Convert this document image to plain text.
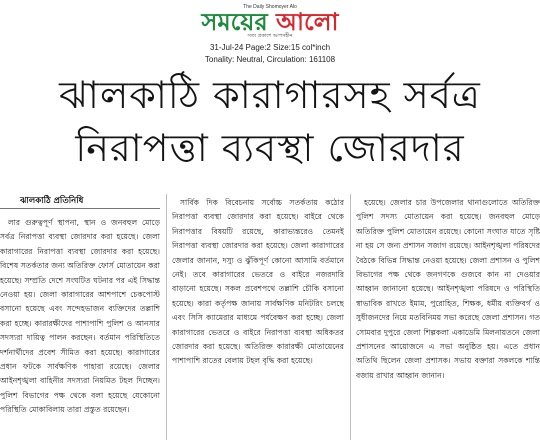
The Daily Shomoyer Alo
সময়ের আলো
সত্য প্রকাশে আপসহীন
31-Jul-24 Page:2 Size:15 col*inch
Tonality: Neutral, Circulation: 161108
ঝালকাঠি কারাগারসহ সর্বত্র
নিরাপত্তা ব্যবস্থা জোরদার
ঝালকাঠি প্রতিনিধি

লার গুরুত্বপূর্ণ স্থাপনা, স্থান ও জনবহুল মোড়ে সর্বত্র নিরাপত্তা ব্যবস্থা জোরদার করা হয়েছে। জেলা কারাগারের নিরাপত্তা ব্যবস্থা জোরদার করা হয়েছে। বিশেষ সতর্কতার জন্য অতিরিক্ত ফোর্স মোতায়েন করা হয়েছে। সম্প্রতি দেশে সংঘটিত ঘটনার পর এই সিদ্ধান্ত নেওয়া হয়। জেলা কারাগারের আশপাশে চেকপোস্ট বসানো হয়েছে এবং সন্দেহভাজন ব্যক্তিদের তল্লাশি করা হচ্ছে। কারারক্ষীদের পাশাপাশি পুলিশ ও আনসার সদস্যরা দায়িত্ব পালন করছেন। বর্তমান পরিস্থিতিতে দর্শনার্থীদের প্রবেশ সীমিত করা হয়েছে। কারাগারের প্রধান ফটকে সার্বক্ষণিক পাহারা রয়েছে। জেলার আইনশৃঙ্খলা বাহিনীর সদস্যরা নিয়মিত টহল দিচ্ছেন। পুলিশ বিভাগের পক্ষ থেকে বলা হয়েছে যেকোনো পরিস্থিতি মোকাবিলায় তারা প্রস্তুত রয়েছেন।

সার্বিক দিক বিবেচনায় সর্বোচ্চ সতর্কতায় কঠোর নিরাপত্তা ব্যবস্থা জোরদার করা হয়েছে। বাইরে থেকে নিরাপত্তার বিষয়টি রয়েছে, কারাভ্যন্তরেও তেমনই নিরাপত্তা ব্যবস্থা জোরদার করা হয়েছে। জেলা কারাগারের জেলার জানান, দস্যু ও ঝুঁকিপূর্ণ কোনো আসামি বর্তমানে নেই। তবে কারাগারের ভেতরে ও বাইরে নজরদারি বাড়ানো হয়েছে। সকল প্রবেশপথে তল্লাশি চৌকি বসানো হয়েছে। কারা কর্তৃপক্ষ জানায় সার্বক্ষণিক মনিটরিং চলছে এবং সিসি ক্যামেরার মাধ্যমে পর্যবেক্ষণ করা হচ্ছে। জেলা কারাগারের ভেতরে ও বাইরে নিরাপত্তা ব্যবস্থা অধিকতর জোরদার করা হয়েছে। অতিরিক্ত কারারক্ষী মোতায়েনের পাশাপাশি রাতের বেলায় টহল বৃদ্ধি করা হয়েছে।

হয়েছে। জেলার চার উপজেলার থানাগুলোতে অতিরিক্ত পুলিশ সদস্য মোতায়েন করা হয়েছে। জনবহুল মোড়ে অতিরিক্ত পুলিশ মোতায়েন রয়েছে। কোনো সংঘাত যাতে সৃষ্টি না হয় সে জন্য প্রশাসন সজাগ রয়েছে। আইনশৃঙ্খলা পরিষদের বৈঠকে বিভিন্ন সিদ্ধান্ত নেওয়া হয়েছে। জেলা প্রশাসন ও পুলিশ বিভাগের পক্ষ থেকে জনগণকে গুজবে কান না দেওয়ার আহ্বান জানানো হয়েছে। আইনশৃঙ্খলা পরিষদে ও পরিস্থিতি স্বাভাবিক রাখতে ইমাম, পুরোহিত, শিক্ষক, ধর্মীয় ব্যক্তিবর্গ ও সুধীজনদের নিয়ে মতবিনিময় সভা করেছে জেলা প্রশাসন। গত সোমবার দুপুরে জেলা শিল্পকলা একাডেমি মিলনায়তনে জেলা প্রশাসনের আয়োজনে এ সভা অনুষ্ঠিত হয়। এতে প্রধান অতিথি ছিলেন জেলা প্রশাসক। সভায় বক্তারা সকলকে শান্তি বজায় রাখার আহ্বান জানান।
